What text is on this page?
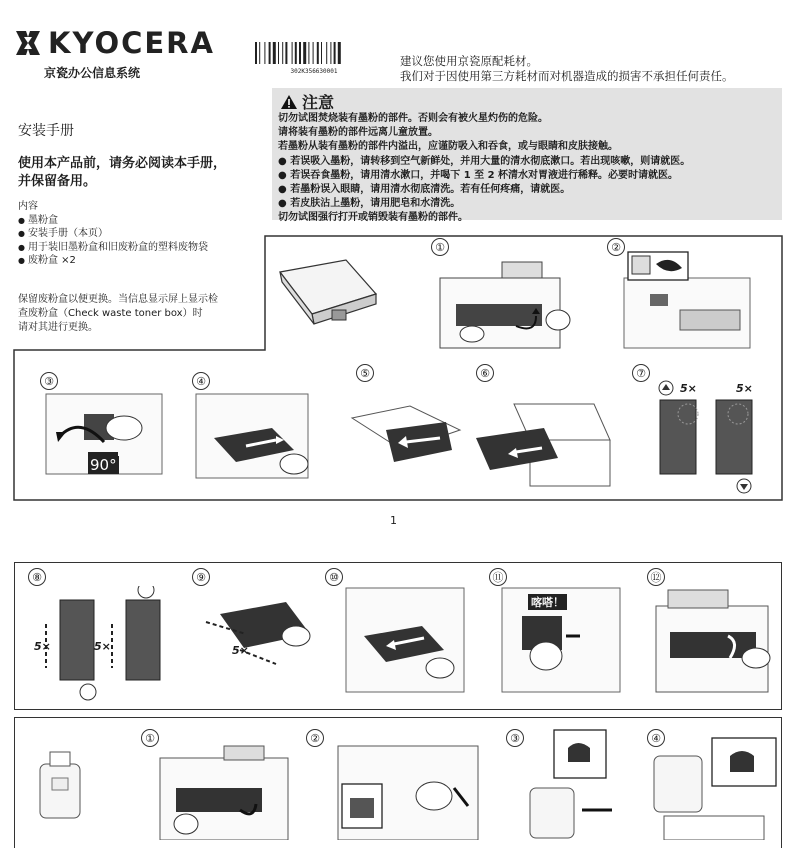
KYOCERA
京瓷办公信息系统	302K356630001
建议您使用京瓷原配耗材。
我们对于因使用第三方耗材而对机器造成的损害不承担任何责任。
安装手册
使用本产品前，请务必阅读本手册，
并保留备用。
内容
● 墨粉盒
● 安装手册（本页）
● 用于装旧墨粉盒和旧废粉盒的塑料废物袋
● 废粉盒 ×2
保留废粉盒以便更换。当信息显示屏上显示检
查废粉盒（Check waste toner box）时
请对其进行更换。
注意
切勿试图焚烧装有墨粉的部件。否则会有被火星灼伤的危险。
请将装有墨粉的部件远离儿童放置。
若墨粉从装有墨粉的部件内溢出，应谨防吸入和吞食，或与眼睛和皮肤接触。
● 若误吸入墨粉，请转移到空气新鲜处，并用大量的清水彻底漱口。若出现咳嗽，则请就医。
● 若误吞食墨粉，请用清水漱口，并喝下 1 至 2 杯清水对胃液进行稀释。必要时请就医。
● 若墨粉误入眼睛，请用清水彻底清洗。若有任何疼痛，请就医。
● 若皮肤沾上墨粉，请用肥皂和水清洗。
切勿试图强行打开或销毁装有墨粉的部件。
①	②
③
90°
④
⑤	⑥	⑦
5×	5×
1
⑧
5×	5×
⑨
5×
⑩	⑪
喀嗒！
⑫
①	②	③	④
